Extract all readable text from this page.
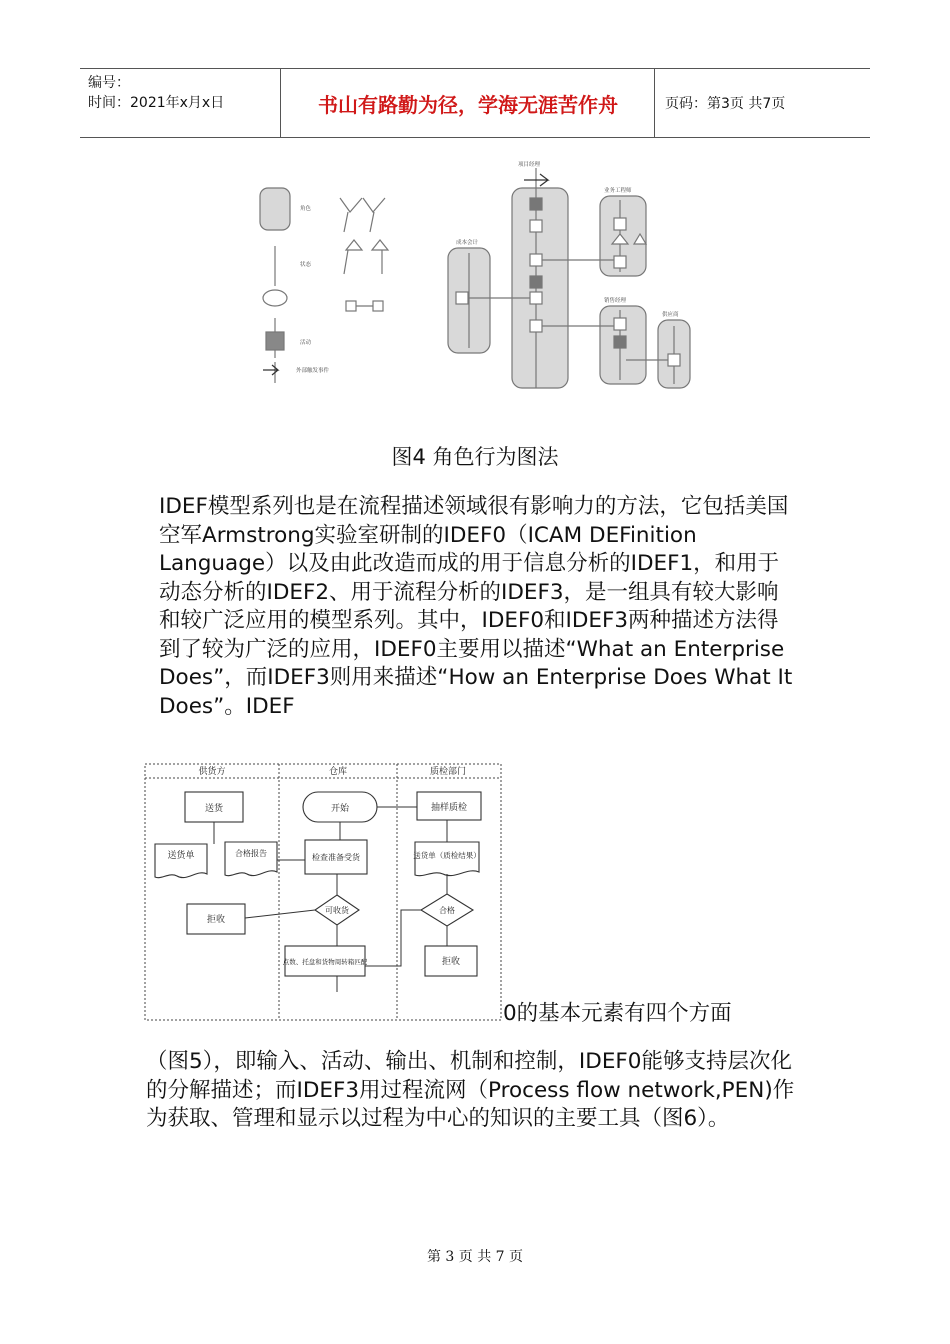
编号：
时间：2021年x月x日	书山有路勤为径，学海无涯苦作舟	页码：第3页 共7页
角色
状态
活动
外部触发事件
项目经理
成本会计
业务工程师
销售经理
供应商
图4 角色行为图法
IDEF模型系列也是在流程描述领域很有影响力的方法，它包括美国空军Armstrong实验室研制的IDEF0（ICAM DEFinition Language）以及由此改造而成的用于信息分析的IDEF1，和用于动态分析的IDEF2、用于流程分析的IDEF3，是一组具有较大影响和较广泛应用的模型系列。其中，IDEF0和IDEF3两种描述方法得到了较为广泛的应用，IDEF0主要用以描述“What an Enterprise Does”，而IDEF3则用来描述“How an Enterprise Does What It Does”。IDEF
供货方	仓库	质检部门
送货	开始	抽样质检
送货单	合格报告	检查准备受货	送货单（质检结果）
可收货	合格
拒收
拒收
点数、托盘和货物周转箱匹配
0的基本元素有四个方面
（图5），即输入、活动、输出、机制和控制，IDEF0能够支持层次化的分解描述；而IDEF3用过程流网（Process flow network,PEN)作为获取、管理和显示以过程为中心的知识的主要工具（图6）。
第 3 页 共 7 页
